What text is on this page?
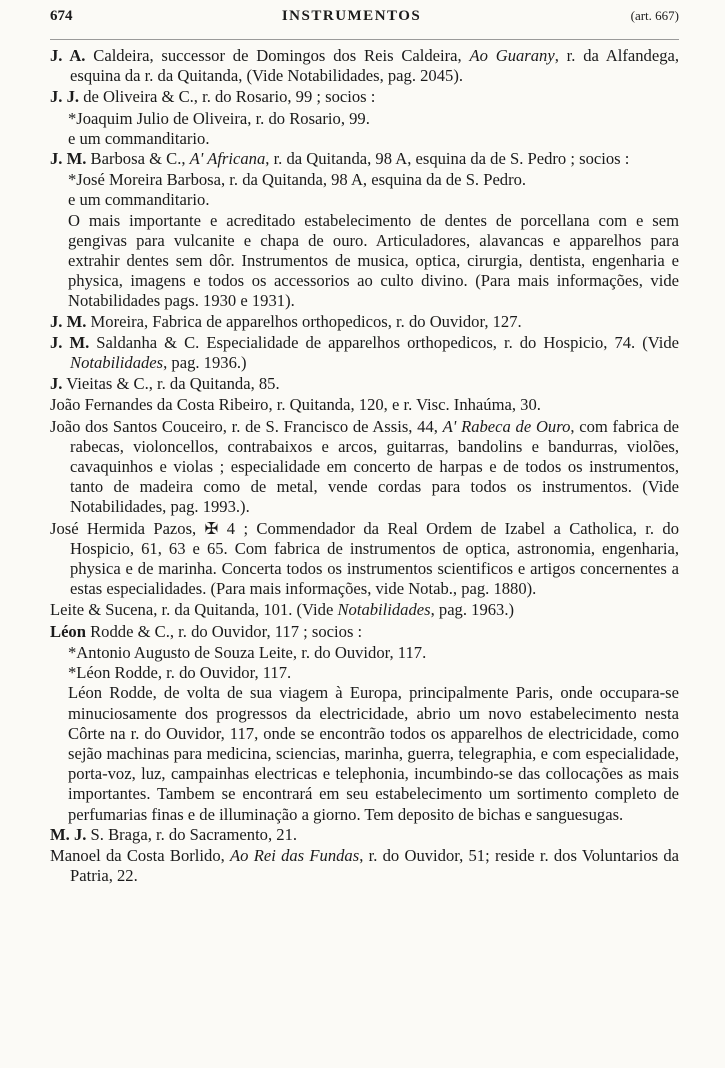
674	INSTRUMENTOS	(art. 667)

J. A. Caldeira, successor de Domingos dos Reis Caldeira, Ao Guarany, r. da Alfandega, esquina da r. da Quitanda, (Vide Notabilidades, pag. 2045).

J. J. de Oliveira & C., r. do Rosario, 99 ; socios :

*Joaquim Julio de Oliveira, r. do Rosario, 99.

e um commanditario.

J. M. Barbosa & C., A' Africana, r. da Quitanda, 98 A, esquina da de S. Pedro ; socios :

*José Moreira Barbosa, r. da Quitanda, 98 A, esquina da de S. Pedro.

e um commanditario.

O mais importante e acreditado estabelecimento de dentes de porcellana com e sem gengivas para vulcanite e chapa de ouro. Articuladores, alavancas e apparelhos para extrahir dentes sem dôr. Instrumentos de musica, optica, cirurgia, dentista, engenharia e physica, imagens e todos os accessorios ao culto divino. (Para mais informações, vide Notabilidades pags. 1930 e 1931).

J. M. Moreira, Fabrica de apparelhos orthopedicos, r. do Ouvidor, 127.

J. M. Saldanha & C. Especialidade de apparelhos orthopedicos, r. do Hospicio, 74. (Vide Notabilidades, pag. 1936.)

J. Vieitas & C., r. da Quitanda, 85.

João Fernandes da Costa Ribeiro, r. Quitanda, 120, e r. Visc. Inhaúma, 30.

João dos Santos Couceiro, r. de S. Francisco de Assis, 44, A' Rabeca de Ouro, com fabrica de rabecas, violoncellos, contrabaixos e arcos, guitarras, bandolins e bandurras, violões, cavaquinhos e violas ; especialidade em concerto de harpas e de todos os instrumentos, tanto de madeira como de metal, vende cordas para todos os instrumentos. (Vide Notabilidades, pag. 1993.).

José Hermida Pazos, ✠ 4 ; Commendador da Real Ordem de Izabel a Catholica, r. do Hospicio, 61, 63 e 65. Com fabrica de instrumentos de optica, astronomia, engenharia, physica e de marinha. Concerta todos os instrumentos scientificos e artigos concernentes a estas especialidades. (Para mais informações, vide Notab., pag. 1880).

Leite & Sucena, r. da Quitanda, 101. (Vide Notabilidades, pag. 1963.)

Léon Rodde & C., r. do Ouvidor, 117 ; socios :

*Antonio Augusto de Souza Leite, r. do Ouvidor, 117.

*Léon Rodde, r. do Ouvidor, 117.

Léon Rodde, de volta de sua viagem à Europa, principalmente Paris, onde occupara-se minuciosamente dos progressos da electricidade, abrio um novo estabelecimento nesta Côrte na r. do Ouvidor, 117, onde se encontrão todos os apparelhos de electricidade, como sejão machinas para medicina, sciencias, marinha, guerra, telegraphia, e com especialidade, porta-voz, luz, campainhas electricas e telephonia, incumbindo-se das collocações as mais importantes. Tambem se encontrará em seu estabelecimento um sortimento completo de perfumarias finas e de illuminação a giorno. Tem deposito de bichas e sanguesugas.

M. J. S. Braga, r. do Sacramento, 21.

Manoel da Costa Borlido, Ao Rei das Fundas, r. do Ouvidor, 51; reside r. dos Voluntarios da Patria, 22.
